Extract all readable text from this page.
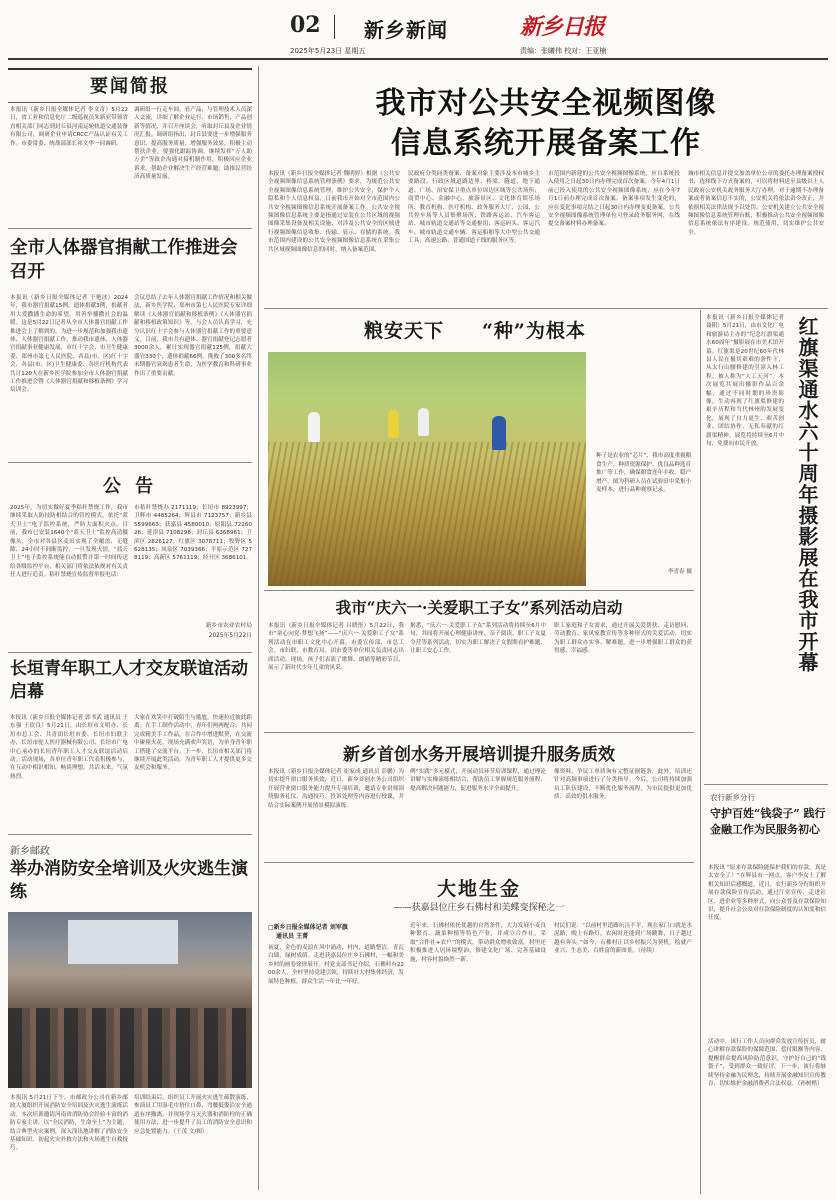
02 新乡新闻	新乡日报
2025年5月23日 星期五	责编：张曦伟 校对：王亚楠
要闻简报
本报讯（新乡日报全媒体记者 李文奇）5月22日，省工业和信息化厅二级巡视员朱新亚带领省直相关部门同志到封丘县河南运轮轨道交通装备有限公司，调研企业申请CRCC产品认证有关工作。市委常委、统战部部长祁文华一同调研。
调研组一行走车间、看产品，与管理技术人员深入交流，详细了解企业运行、市场销售、产品创新等情况，并召开座谈会，听取封丘县及企业情况汇报。调研组指出，封丘县要进一步增强服务意识，提高服务质量，增强服务效果，积极主动帮扶企业，要强化跟踪协调，继续发挥“万人助万企”等政企沟通对接机制作用，积极回应企业诉求，帮助企业解决生产经营难题，助推民营经济高质量发展。
全市人体器官捐献工作推进会召开
本报讯（新乡日报全媒体记者 于艳冰）2024年，我市器官捐献15例，遗体捐献3例，捐献者用大爱撒播生命的希望，用善举播撒社会的温暖。这是5月22日记者从全市人体器官捐献工作推进会上了解到的。为进一步规范和加强我市遗体、人体器官捐献工作，推动我市遗体、人体器官捐献事业健康发展，市红十字会、市卫生健康委、郑州市第七人民医院、各县(市、区)红十字会、各县(市、区)卫生健康委、各医疗机构代表共计120人在新乡医学院参加全市人体器官捐献工作推进会暨《人体器官捐献和移植条例》学习培训会。
会议总结了去年人体器官捐献工作情况和相关做法，新乡医学院、郑州市第七人民医院专家详细解读《人体器官捐献和移植条例》《人体器官捐献和移植政策知识》等。与会人员认真学习，充分认识红十字会参与人体器官捐献工作的重要意义。目前，我市共有遗体、器官捐献登记志愿者3000余人，累计实现器官捐献125例，捐献大器官330个，遗体捐献66例，挽救了300多名终末期器官衰竭患者生命，为医学教育和科研事业作出了重要贡献。
公 告
2025年，为切实做好夏季秸秆禁烧工作，我市继续采取人防技防相结合的管控模式，依托“蓝天卫士”电子监控系统，严防大面积火点。目前，我市已安装1640个“蓝天卫士”监控高清摄像头，全市对各县区麦田实现了全覆盖、无缝隙、24小时不间断监控，一旦发现火情，“蓝天卫士”电子监控系统能自动报警并第一时间传送给各级监控平台，相关部门将依法依规对有关责任人进行追责。秸秆禁烧宣传监督举报电话：
市秸秆禁烧办 2171119；长垣市 8923997；卫辉市 4485264；辉县市 7123757；新乡县 5599663；获嘉县 4580010；原阳县 7226026；延津县 7108298；封丘县 6368961；卫滨区 2826127；红旗区 3078711；牧野区 5628135；凤泉区 7039366；平原示范区 7278119；高新区 5761119；经开区 3686101。
新乡市农业农村局
2025年5月22日
长垣青年职工人才交友联谊活动启幕
本报讯（新乡日报全媒体记者 郭书武 通讯员 王东强 王钦良）5月21日，由长垣市文明办、长垣市总工会、共青团长垣市委、长垣市妇联主办，长垣市驼人医疗器械有限公司、长垣市广电中心承办的长垣青年职工人才交友联谊活动启动。活动现场，各单位青年职工代表积极参与，在互动中相识相知，畅谈理想，共话未来，气氛热烈。
大家在欢笑中打破陌生与尴尬，快速拉近彼此距离；在手工制作活动中，青年们两两配合，共同完成精美手工作品，在合作中增进默契，在交流中碰撞火花，现场充满欢声笑语，为单身青年职工搭建了交流平台。下一步，长垣市相关部门将继续开展此类活动，为青年职工人才提供更多交友机会和服务。
新乡邮政
举办消防安全培训及火灾逃生演练
本报讯 5月21日下午，市邮政分公司在新乡邮政大厦组织开展消防安全培训及火灾逃生演练活动。本次培训邀请河南省消防协会经验丰富的消防专家主讲，以“全民消防，生命至上”为主题，结合典型火灾案例，深入浅出地讲解了消防安全基础知识、初起火灾扑救方法和火场逃生自救技巧。
培训结束后，组织员工开展火灾逃生疏散演练，参演员工用湿毛巾捂住口鼻、弯腰低姿沿安全通道有序撤离，并现场学习灭火器和消防栓的正确使用方法，进一步提升了员工的消防安全意识和应急处置能力。（王茂 文/图）
我市对公共安全视频图像
信息系统开展备案工作
本报讯（新乡日报全媒体记者 魏明婷）根据《公共安全视频图像信息系统管理条例》要求，为规范公共安全视频图像信息系统管理，维护公共安全，保护个人隐私和个人信息权益，日前我市开始对全市范围内公共安全视频图像信息系统开展备案工作。公共安全视频图像信息系统主要是指通过安装在公共区域的视频图像采集设备及相关设施，对涉及公共安全的区域进行视频图像信息收集、传输、显示、存储的系统。我市范围内建设的公共安全视频图像信息系统在采集公共区域视频图像信息的同时，纳入备案范围。
民政府分类同类备案、备案对象主要涉及本市城乡主要路段、行政区域道路边界、桥梁、隧道、地下通道、广场、治安保卫重点单位周边区域等公共场所；商贸中心、金融中心、旅游景区、文化体育娱乐场所、教育机构、医疗机构、政务服务大厅、公园、公共停车场等人员集聚场所；铁路客运站、汽车客运站、城市轨道交通站等交通枢纽；客运码头、客运汽车、城市轨道交通车辆、客运船舶等大中型公共交通工具；高速公路、普通国道干线的服务区等。
市范围内新建的公共安全视频图像系统，应自系统投入使用之日起30日内办理完成首次备案。今年4月1日前已投入使用的公共安全视频图像系统，应在今年7月1日前办理完成首次备案。备案事项发生变化的，应在变化事项完结之日起30日内办理变更备案。公共安全视频图像系统管理单位可登录政务服务网，在线提交备案材料办理备案。
城市相关信息并提交加盖单位公章的委托办理备案授权书，选择线下方式备案的，可以将材料送至县级以上人民政府公安机关政务服务大厅办理。对于逾期不办理备案或者备案信息不实的，公安机关将依法责令改正，并依据相关法律法规予以处罚。公安机关建立公共安全视频图像信息系统管理台账，积极推动公共安全视频图像信息系统依法有序建设、规范使用，切实维护公共安全。
粮安天下 “种”为根本
种子是农业的“芯片”，我市高度重视粮食生产，种质资源保护、优良品种选育推广等工作，确保粮食连年丰收、稳产增产。图为科研人员在试验田中采集小麦样本，进行品种观察记录。
李青春 摄
我市“庆六一·关爱职工子女”系列活动启动
本报讯（新乡日报全媒体记者 吕晓彤）5月22日，我市“童心向党·梦想飞扬”——“庆六一·关爱职工子女”系列活动在市职工文化中心开幕。市委宣传部、市总工会、市妇联、市教育局、团市委等单位相关负责同志出席活动。现场，孩子们表演了歌舞、朗诵等精彩节目，展示了新时代少年儿童的风采。
据悉，“庆六一·关爱职工子女”系列活动将持续至6月中旬，其间将开展心理健康讲座、亲子阅读、职工子女夏令营等系列活动，切实为职工解决子女假期看护难题，让职工安心工作。
职工家庭和子女需求，通过开展关爱帮扶、走访慰问、劳动教育、家风家教宣传等多种形式的关爱活动，切实为职工群众办实事、解难题，进一步增强职工群众的获得感、幸福感。
新乡首创水务开展培训提升服务质效
本报讯（新乡日报全媒体记者 崔家成 通讯员 彭鹏）为切实提升窗口服务质效，近日，新乡首创水务公司组织开展营业窗口服务能力提升专项培训，邀请专业讲师围绕服务礼仪、沟通技巧、投诉处理等内容进行授课，并结合实际案例开展情景模拟演练。
例“实践”多元模式，开展动员环节培训课程，通过理论讲解与实操演练相结合，帮助员工掌握规范服务流程，提高解决问题能力，促进服务水平全面提升。
像资料，争议工单质询有完整证据链条，此外，培训还针对高频事项进行了分类指导。今后，公司将持续加强员工队伍建设，不断优化服务流程，为市民提供更加优质、高效的供水服务。
大地生金
——获嘉县位庄乡石佛村和美蝶变探秘之一
□新乡日报全媒体记者 刘军旗
通讯员 王菁
初夏，金色的麦浪在风中涌动，村内，道路整洁，青瓦白墙，绿树成荫。走进获嘉县位庄乡石佛村，一幅和美乡村的画卷徐徐展开。村党支部书记介绍，石佛村有2200余人，全村坚持党建引领，持续壮大村集体经济，发展特色种植，群众生活一年比一年好。
近年来，石佛村依托优越的自然条件，大力发展小麦良种繁育、蔬菜种植等特色产业，并成立合作社，采取“合作社+农户”的模式，带动群众增收致富。村里还积极推进人居环境整治，修建文化广场、完善基础设施，村容村貌焕然一新。
村民们说：“以前村里道路坑洼不平，现在家门口就是水泥路，晚上有路灯，农闲时还能到广场跳舞，日子越过越有奔头。”如今，石佛村正以乡村振兴为契机，绘就产业兴、生态美、百姓富的新图景。（待续）
本报讯（新乡日报全媒体记者 聂阳）5月21日，由市文化广电和旅游局主办的“纪念红旗渠通水60周年”摄影展在市美术馆开幕。红旗渠是20世纪60年代林县人民在极其艰难的条件下，从太行山腰修建的引漳入林工程，被人称为“人工天河”。本次展览共展出摄影作品百余幅，通过不同时期的珍贵影像，生动再现了红旗渠修建的艰辛历程和当代林州的发展变化，展现了自力更生、艰苦创业、团结协作、无私奉献的红旗渠精神。展览将持续至6月中旬，免费向市民开放。	红旗渠通水六十周年摄影展在我市开幕
农行新乡分行
守护百姓“钱袋子” 践行金融工作为民服务初心
本报讯 “原来存款保险能保护我们的存款，真是太安全了！”在辉县市一网点，客户李女士了解相关知识后感慨道。近日，农行新乡分行组织开展存款保险宣传活动，通过厅堂宣传、走进社区、进企业等多种形式，向公众普及存款保险知识，提升社会公众对存款保险制度的认知度和信任度。
活动中，该行工作人员向群众发放宣传折页，耐心讲解存款保险的保障范围、偿付限额等内容，提醒群众提高风险防范意识，守护好自己的“钱袋子”，受到群众一致好评。下一步，该行将继续坚持金融为民理念，持续开展金融知识宣传教育，切实维护金融消费者合法权益。（孙树楷）
